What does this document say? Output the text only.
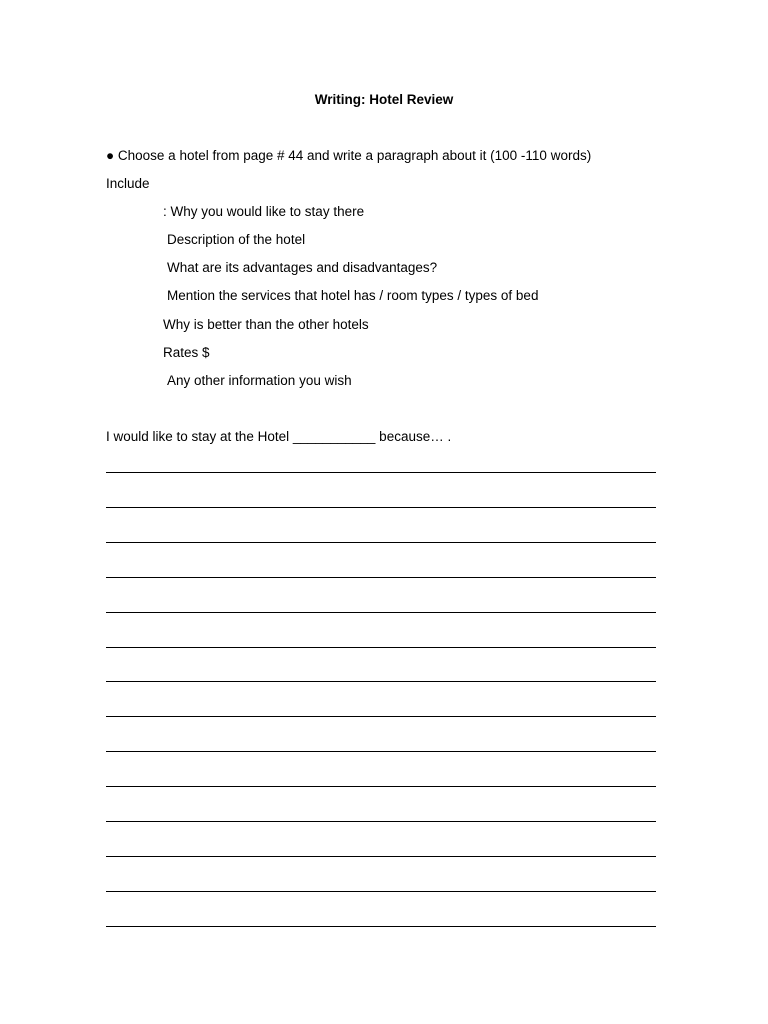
Writing: Hotel Review
● Choose a hotel from page # 44 and write a paragraph about it (100 -110 words)
Include
: Why you would like to stay there
Description of the hotel
What are its advantages and disadvantages?
Mention the services that hotel has / room types / types of bed
Why is better than the other hotels
Rates $
Any other information you wish
I would like to stay at the Hotel ___________ because… .
